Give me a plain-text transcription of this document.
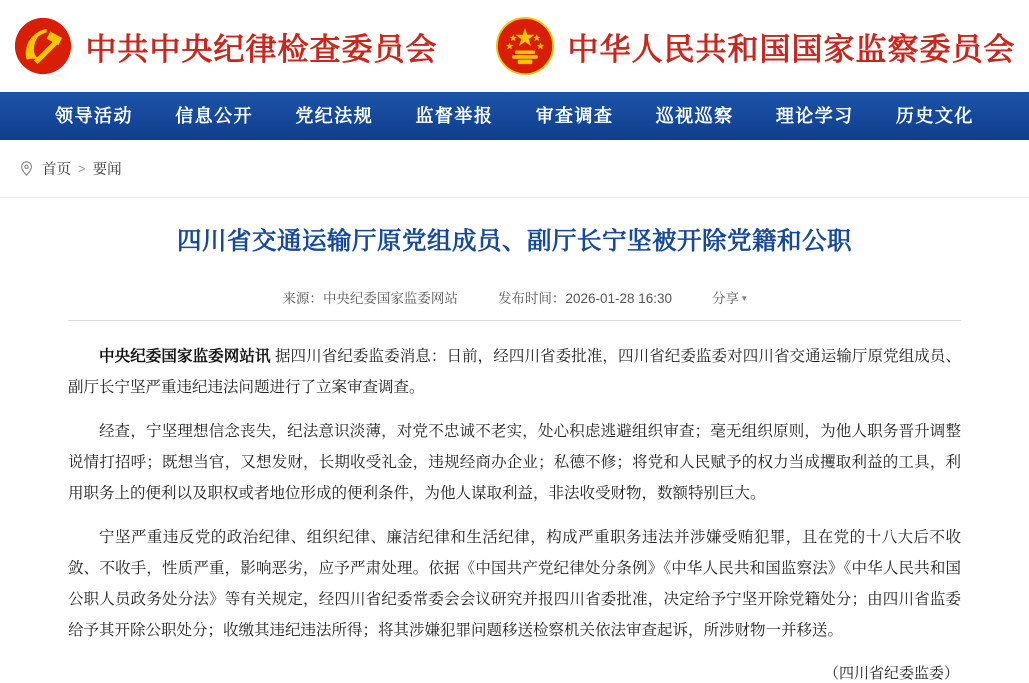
中共中央纪律检查委员会	中华人民共和国国家监察委员会
领导活动	信息公开	党纪法规	监督举报	审查调查	巡视巡察	理论学习	历史文化
首页 > 要闻
四川省交通运输厅原党组成员、副厅长宁坚被开除党籍和公职
来源：中央纪委国家监委网站	发布时间：2026-01-28 16:30	分享 ▾

中央纪委国家监委网站讯 据四川省纪委监委消息：日前，经四川省委批准，四川省纪委监委对四川省交通运输厅原党组成员、副厅长宁坚严重违纪违法问题进行了立案审查调查。

经查，宁坚理想信念丧失，纪法意识淡薄，对党不忠诚不老实，处心积虑逃避组织审查；毫无组织原则，为他人职务晋升调整说情打招呼；既想当官，又想发财，长期收受礼金，违规经商办企业；私德不修；将党和人民赋予的权力当成攫取利益的工具，利用职务上的便利以及职权或者地位形成的便利条件，为他人谋取利益，非法收受财物，数额特别巨大。

宁坚严重违反党的政治纪律、组织纪律、廉洁纪律和生活纪律，构成严重职务违法并涉嫌受贿犯罪，且在党的十八大后不收敛、不收手，性质严重，影响恶劣，应予严肃处理。依据《中国共产党纪律处分条例》《中华人民共和国监察法》《中华人民共和国公职人员政务处分法》等有关规定，经四川省纪委常委会会议研究并报四川省委批准，决定给予宁坚开除党籍处分；由四川省监委给予其开除公职处分；收缴其违纪违法所得；将其涉嫌犯罪问题移送检察机关依法审查起诉，所涉财物一并移送。

（四川省纪委监委）
